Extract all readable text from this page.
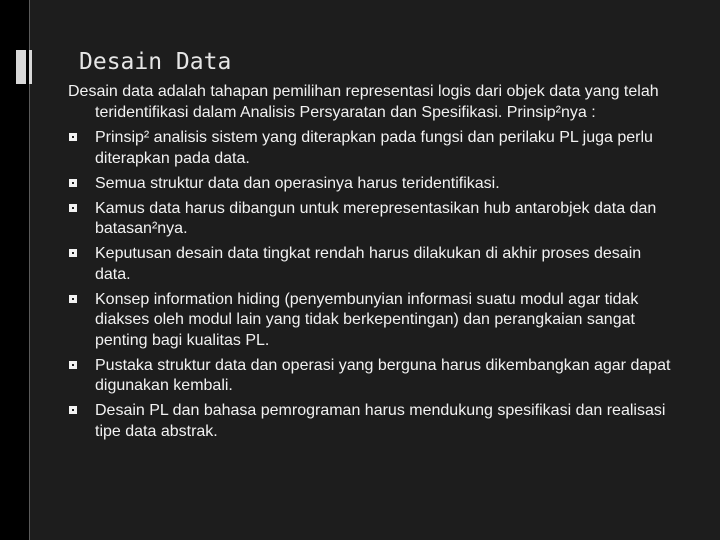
Desain Data

Desain data adalah tahapan pemilihan representasi logis dari objek data yang telah teridentifikasi dalam Analisis Persyaratan dan Spesifikasi. Prinsip²nya :

Prinsip² analisis sistem yang diterapkan pada fungsi dan perilaku PL juga perlu diterapkan pada data.
Semua struktur data dan operasinya harus teridentifikasi.
Kamus data harus dibangun untuk merepresentasikan hub antarobjek data dan batasan²nya.
Keputusan desain data tingkat rendah harus dilakukan di akhir proses desain data.
Konsep information hiding (penyembunyian informasi suatu modul agar tidak diakses oleh modul lain yang tidak berkepentingan) dan perangkaian sangat penting bagi kualitas PL.
Pustaka struktur data dan operasi yang berguna harus dikembangkan agar dapat digunakan kembali.
Desain PL dan bahasa pemrograman harus mendukung spesifikasi dan realisasi tipe data abstrak.
